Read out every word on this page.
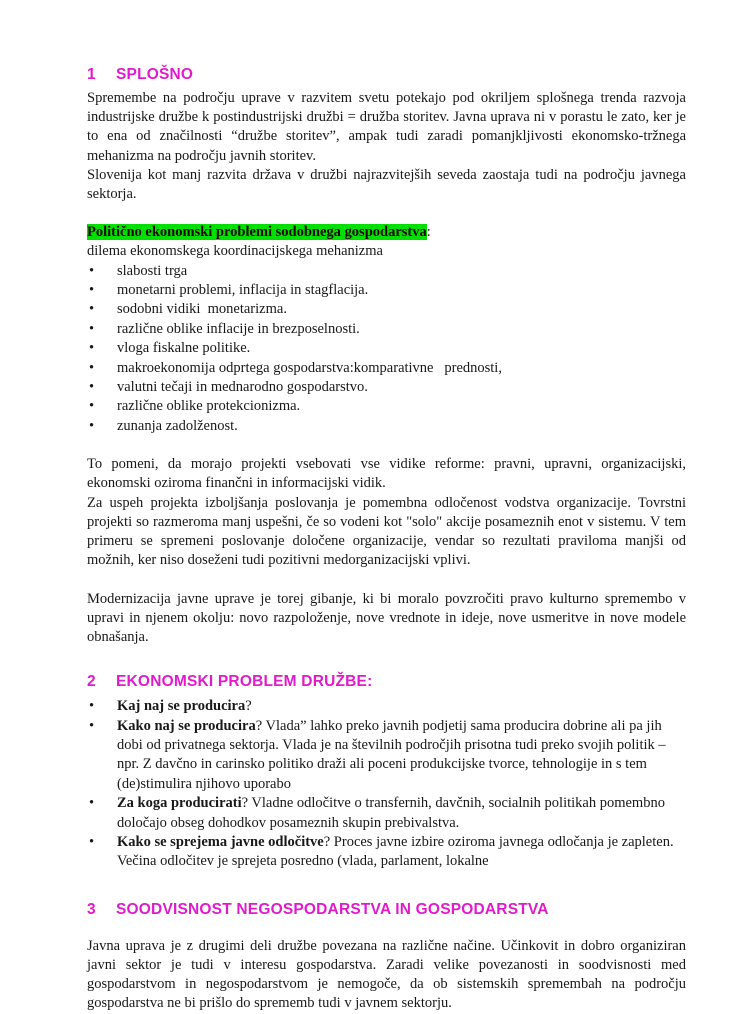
1	SPLOŠNO

Spremembe na področju uprave v razvitem svetu potekajo pod okriljem splošnega trenda razvoja industrijske družbe k postindustrijski družbi = družba storitev. Javna uprava ni v porastu le zato, ker je to ena od značilnosti “družbe storitev”, ampak tudi zaradi pomanjkljivosti ekonomsko-tržnega mehanizma na področju javnih storitev.

Slovenija kot manj razvita država v družbi najrazvitejših seveda zaostaja tudi na področju javnega sektorja.

Politično ekonomski problemi sodobnega gospodarstva:

dilema ekonomskega koordinacijskega mehanizma

•	slabosti trga
•	monetarni problemi, inflacija in stagflacija.
•	sodobni vidiki  monetarizma.
•	različne oblike inflacije in brezposelnosti.
•	vloga fiskalne politike.
•	makroekonomija odprtega gospodarstva:komparativne   prednosti,
•	valutni tečaji in mednarodno gospodarstvo.
•	različne oblike protekcionizma.
•	zunanja zadolženost.

To pomeni, da morajo projekti vsebovati vse vidike reforme: pravni, upravni, organizacijski, ekonomski oziroma finančni in informacijski vidik.

Za uspeh projekta izboljšanja poslovanja je pomembna odločenost vodstva organizacije. Tovrstni projekti so razmeroma manj uspešni, če so vodeni kot "solo" akcije posameznih enot v sistemu. V tem primeru se spremeni poslovanje določene organizacije, vendar so rezultati praviloma manjši od možnih, ker niso doseženi tudi pozitivni medorganizacijski vplivi.

Modernizacija javne uprave je torej gibanje, ki bi moralo povzročiti pravo kulturno spremembo v upravi in njenem okolju: novo razpoloženje, nove vrednote in ideje, nove usmeritve in nove modele obnašanja.

2	EKONOMSKI PROBLEM DRUŽBE:
•	Kaj naj se producira?
•	Kako naj se producira? Vlada” lahko preko javnih podjetij sama producira dobrine ali pa jih dobi od privatnega sektorja. Vlada je na številnih področjih prisotna tudi preko svojih politik – npr. Z davčno in carinsko politiko draži ali poceni produkcijske tvorce, tehnologije in s tem (de)stimulira njihovo uporabo
•	Za koga producirati? Vladne odločitve o transfernih, davčnih, socialnih politikah pomembno določajo obseg dohodkov posameznih skupin prebivalstva.
•	Kako se sprejema javne odločitve? Proces javne izbire oziroma javnega odločanja je zapleten. Večina odločitev je sprejeta posredno (vlada, parlament, lokalne
3	SOODVISNOST NEGOSPODARSTVA IN GOSPODARSTVA

Javna uprava je z drugimi deli družbe povezana na različne načine. Učinkovit in dobro organiziran javni sektor je tudi v interesu gospodarstva. Zaradi velike povezanosti in soodvisnosti med gospodarstvom in negospodarstvom je nemogoče, da ob sistemskih spremembah na področju gospodarstva ne bi prišlo do sprememb tudi v javnem sektorju.
